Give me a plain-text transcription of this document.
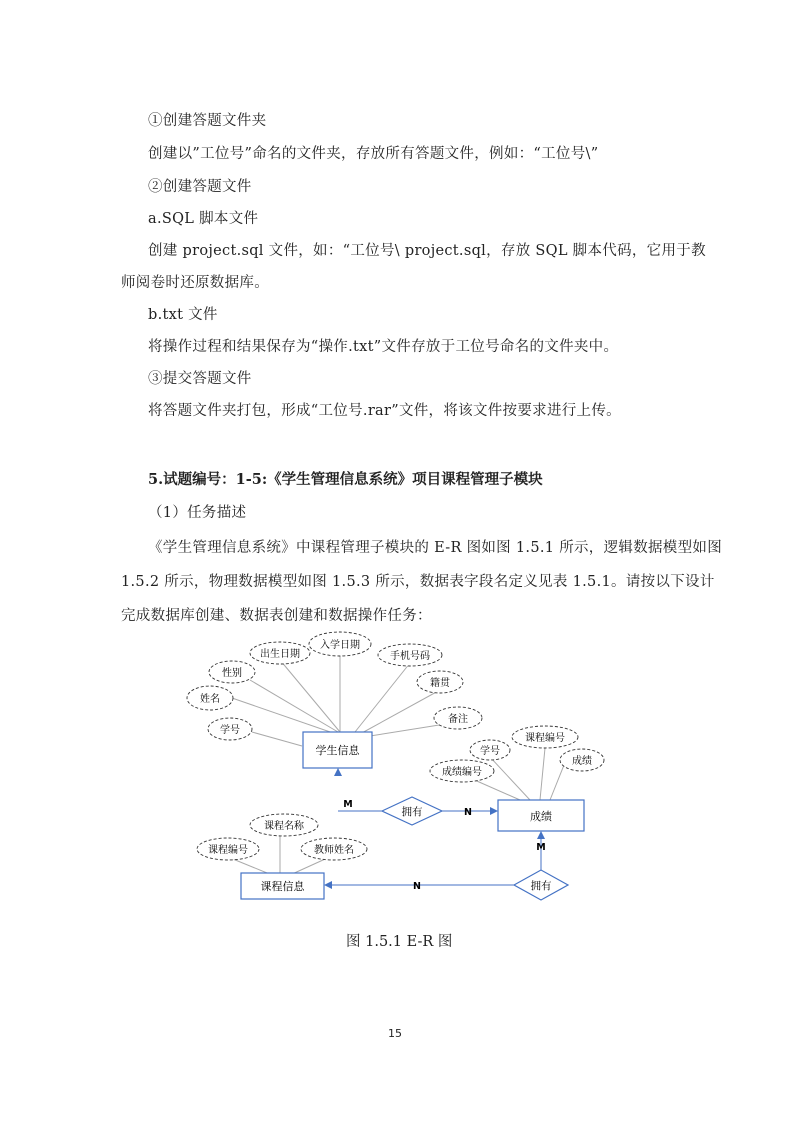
①创建答题文件夹
创建以”工位号”命名的文件夹，存放所有答题文件，例如：“工位号\”
②创建答题文件
a.SQL 脚本文件
创建 project.sql 文件，如：“工位号\ project.sql，存放 SQL 脚本代码，它用于教
师阅卷时还原数据库。
b.txt 文件
将操作过程和结果保存为“操作.txt”文件存放于工位号命名的文件夹中。
③提交答题文件
将答题文件夹打包，形成“工位号.rar”文件，将该文件按要求进行上传。
5.试题编号：1-5:《学生管理信息系统》项目课程管理子模块
（1）任务描述
《学生管理信息系统》中课程管理子模块的 E-R 图如图 1.5.1 所示，逻辑数据模型如图
1.5.2 所示，物理数据模型如图 1.5.3 所示，数据表字段名定义见表 1.5.1。请按以下设计
完成数据库创建、数据表创建和数据操作任务：
学生信息
成绩
课程信息
拥有
拥有
出生日期
入学日期
手机号码
性别
籍贯
姓名
备注
学号
课程编号
学号
成绩
成绩编号
课程名称
课程编号	教师姓名
M
N
M
N
图 1.5.1 E-R 图
15
